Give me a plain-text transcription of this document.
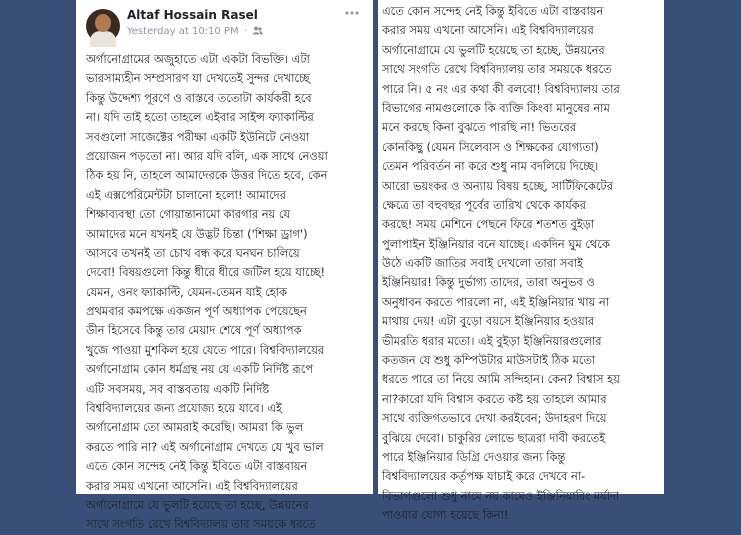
Altaf Hossain Rasel
Yesterday at 10:10 PM ·
অর্গানোগ্রামের অজুহাতে এটা একটা বিভক্তি। এটা
ভারসাম্যহীন সম্প্রসারণ যা দেখতেই সুন্দর দেখাচ্ছে
কিন্তু উদ্দেশ্য পূরণে ও বাস্তবে ততোটা কার্যকরী হবে
না। যদি তাই হতো তাহলে এইবার সাইন্স ফ্যাকাল্টির
সবগুলো সাজেক্টের পরীক্ষা একটি ইউনিটে নেওয়া
প্রয়োজন পড়তো না। আর যদি বলি, এক সাথে নেওয়া
ঠিক হয় নি, তাহলে আমাদেরকে উত্তর দিতে হবে, কেন
এই এক্সপেরিমেন্টটা চালানো হলো! আমাদের
শিক্ষাব্যবস্থা তো গোয়ান্তানামো কারগার নয় যে
আমাদের মনে যখনই যে উদ্ভট চিন্তা ('শিক্ষা ড্রাগ')
আসবে তখনই তা চোখ বন্ধ করে ঘনঘন চালিয়ে
দেবো! বিষয়গুলো কিন্তু ধীরে ধীরে জটিল হয়ে যাচ্ছে!
যেমন, ওনং ফ্যাকাল্টি, যেমন-তেমন যাই হোক
প্রথমবার কমপক্ষে একজন পূর্ণ অধ্যাপক পেয়েছেন
ডীন হিসেবে কিন্তু তার মেয়াদ শেষে পূর্ণ অধ্যাপক
খুজে পাওয়া মুশকিল হয়ে যেতে পারে। বিশ্ববিদ্যালয়ের
অর্গানোগ্রাম কোন ধর্মগ্রন্থ নয় যে একটি নির্দিষ্ট রূপে
এটি সবসময়, সব বাস্তবতায় একটি নির্দিষ্ট
বিশ্ববিদ্যালয়ের জন্য প্রযোজ্য হয়ে যাবে। এই
অর্গানোগ্রাম তো আমরাই করেছি। আমরা কি ভুল
করতে পারি না? এই অর্গানোগ্রাম দেখতে যে খুব ভাল
এতে কোন সন্দেহ নেই কিন্তু ইবিতে এটা বাস্তবায়ন
করার সময় এখনো আসেনি। এই বিশ্ববিদ্যালয়ের
অর্গানোগ্রামে যে ভুলটি হয়েছে তা হচ্ছে, উন্নয়নের
সাথে সংগতি রেখে বিশ্ববিদ্যালয় তার সময়কে ধরতে
এতে কোন সন্দেহ নেই কিন্তু ইবিতে এটা বাস্তবায়ন
করার সময় এখনো আসেনি। এই বিশ্ববিদ্যালয়ের
অর্গানোগ্রামে যে ভুলটি হয়েছে তা হচ্ছে, উন্নয়নের
সাথে সংগতি রেখে বিশ্ববিদ্যালয় তার সময়কে ধরতে
পারে নি। ৫ নং এর কথা কী বলবো! বিশ্ববিদ্যালয় তার
বিভাগের নামগুলোকে কি ব্যক্তি কিংবা মানুষের নাম
মনে করছে কিনা বুঝতে পারছি না! ভিতরের
কোনকিছু (যেমন সিলেবাস ও শিক্ষকের যোগ্যতা)
তেমন পরিবর্তন না করে শুধু নাম বদলিয়ে দিচ্ছে।
আরো ভয়ংকর ও অন্যায় বিষয় হচ্ছে, সার্টিফিকেটের
ক্ষেত্রে তা বহুবছর পূর্বের তারিখ থেকে কার্যকর
করছে! সময় মেশিনে পেছনে ফিরে শতশত বুইড়া
পুলাপাইন ইঞ্জিনিয়ার বনে যাচ্ছে। একদিন ঘুম থেকে
উঠে একটি জাতির সবাই দেখলো তারা সবাই
ইঞ্জিনিয়ার! কিন্তু দুর্ভাগ্য তাদের, তারা অনুভব ও
অনুধাবন করতে পারলো না, এই ইঞ্জিনিয়ার খায় না
মাথায় দেয়! এটা বুড়ো বয়সে ইঞ্জিনিয়ার হওয়ার
ভীমরতি ধরার মতো। এই বুইড়া ইঞ্জিনিয়ারগুলোর
কতজন যে শুধু কম্পিউটার মাউসটাই ঠিক মতো
ধরতে পারে তা নিয়ে আমি সন্দিহান। কেন? বিশ্বাস হয়
না?কারো যদি বিশ্বাস করতে কষ্ট হয় তাহলে আমার
সাথে ব্যক্তিগতভাবে দেখা করইবেন; উদাহরণ দিয়ে
বুঝিয়ে দেবো। চাকুরির লোভে ছাত্ররা দাবী করতেই
পারে ইঞ্জিনিয়ার ডিগ্রি দেওয়ার জন্য কিন্তু
বিশ্ববিদ্যালয়ের কর্তৃপক্ষ যাচাই করে দেখবে না-
বিভাগগুলো শুধু নামে নয় কামেও ইঞ্জিনিয়ারিং মর্যাদা
পাওয়ার যোগ্য হয়েছে কিনা!
